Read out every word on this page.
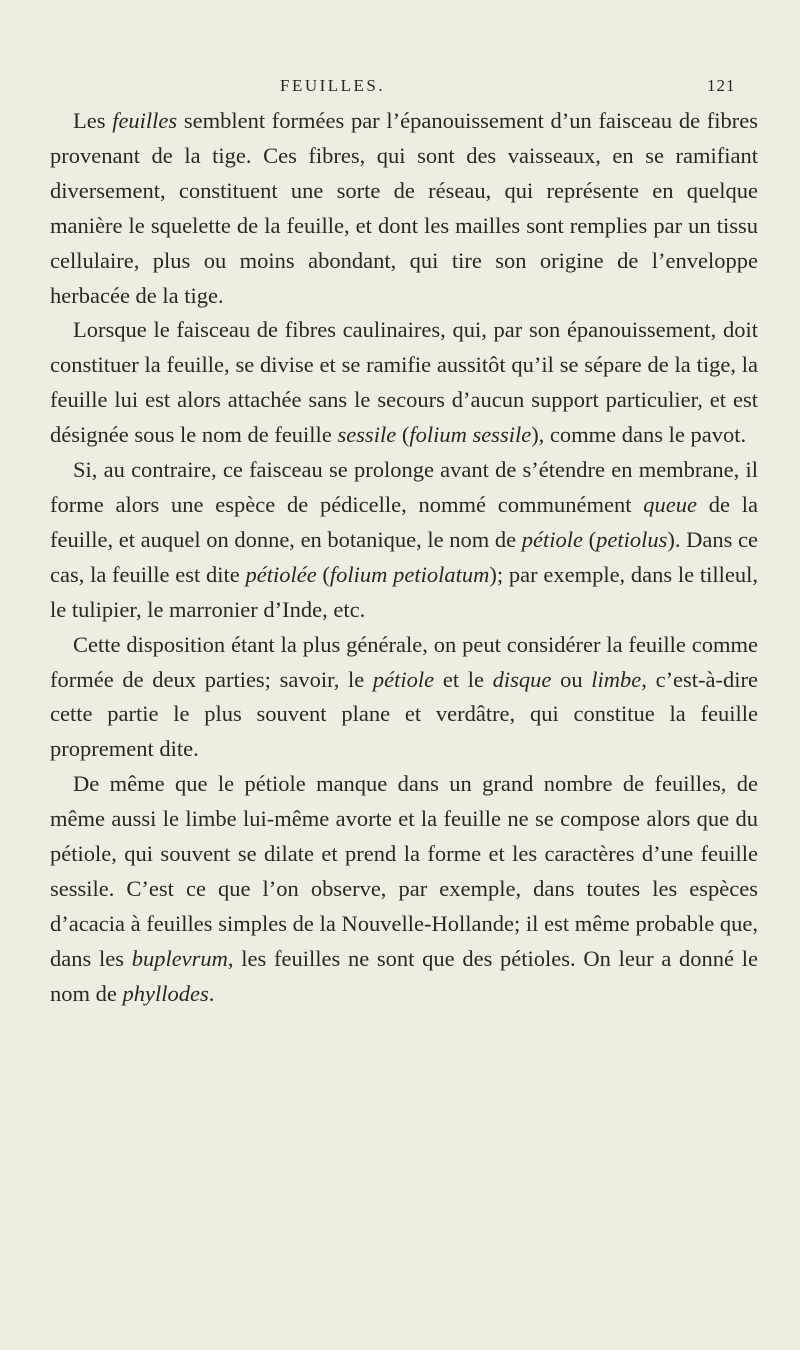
FEUILLES.	121

Les feuilles semblent formées par l’épanouissement d’un faisceau de fibres provenant de la tige. Ces fibres, qui sont des vaisseaux, en se ramifiant diversement, constituent une sorte de réseau, qui représente en quelque manière le squelette de la feuille, et dont les mailles sont remplies par un tissu cellulaire, plus ou moins abondant, qui tire son origine de l’enveloppe herbacée de la tige.

Lorsque le faisceau de fibres caulinaires, qui, par son épanouissement, doit constituer la feuille, se divise et se ramifie aussitôt qu’il se sépare de la tige, la feuille lui est alors attachée sans le secours d’aucun support particulier, et est désignée sous le nom de feuille sessile (folium sessile), comme dans le pavot.

Si, au contraire, ce faisceau se prolonge avant de s’étendre en membrane, il forme alors une espèce de pédicelle, nommé communément queue de la feuille, et auquel on donne, en botanique, le nom de pétiole (petiolus). Dans ce cas, la feuille est dite pétiolée (folium petiolatum); par exemple, dans le tilleul, le tulipier, le marronier d’Inde, etc.

Cette disposition étant la plus générale, on peut considérer la feuille comme formée de deux parties; savoir, le pétiole et le disque ou limbe, c’est-à-dire cette partie le plus souvent plane et verdâtre, qui constitue la feuille proprement dite.

De même que le pétiole manque dans un grand nombre de feuilles, de même aussi le limbe lui-même avorte et la feuille ne se compose alors que du pétiole, qui souvent se dilate et prend la forme et les caractères d’une feuille sessile. C’est ce que l’on observe, par exemple, dans toutes les espèces d’acacia à feuilles simples de la Nouvelle-Hollande; il est même probable que, dans les buplevrum, les feuilles ne sont que des pétioles. On leur a donné le nom de phyllodes.
